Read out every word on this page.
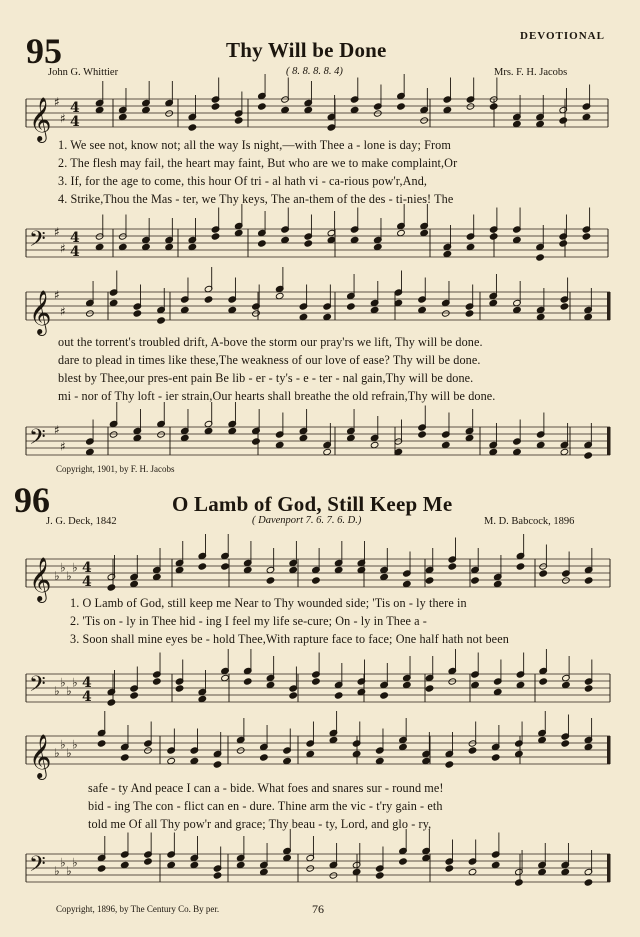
DEVOTIONAL
95	Thy Will be Done
John G. Whittier	( 8. 8. 8. 8. 4)	Mrs. F. H. Jacobs
𝄞 ♯
♯
4
4
1. We see not, know not; all the way Is night,—with Thee a - lone is day; From
2. The flesh may fail, the heart may faint, But who are we to make complaint,Or
3. If, for the age to come, this hour Of tri - al hath vi - ca-rious pow'r,And,
4. Strike,Thou the Mas - ter, we Thy keys, The an-them of the des - ti-nies! The
𝄢 ♯
♯
4
4
𝄞 ♯
♯
out the torrent's troubled drift, A-bove the storm our pray'rs we lift, Thy will be done.
dare to plead in times like these,The weakness of our love of ease? Thy will be done.
blest by Thee,our pres-ent pain Be lib - er - ty's - e - ter - nal gain,Thy will be done.
mi - nor of Thy loft - ier strain,Our hearts shall breathe the old refrain,Thy will be done.
𝄢 ♯
♯
Copyright, 1901, by F. H. Jacobs
96	O Lamb of God, Still Keep Me
J. G. Deck, 1842	( Davenport 7. 6. 7. 6. D.)	M. D. Babcock, 1896
𝄞 ♭
♭
♭
♭ 4
4
1. O Lamb of God, still keep me Near to Thy wounded side; 'Tis on - ly there in
2. 'Tis on - ly in Thee hid - ing I feel my life se-cure; On - ly in Thee a -
3. Soon shall mine eyes be - hold Thee,With rapture face to face; One half hath not been
𝄢 ♭
♭
♭
♭ 4
4
𝄞 ♭
♭
♭
♭
safe - ty And peace I can a - bide. What foes and snares sur - round me!
bid - ing The con - flict can en - dure. Thine arm the vic - t'ry gain - eth
told me Of all Thy pow'r and grace; Thy beau - ty, Lord, and glo - ry,
𝄢 ♭
♭
♭
♭
Copyright, 1896, by The Century Co. By per.	76
